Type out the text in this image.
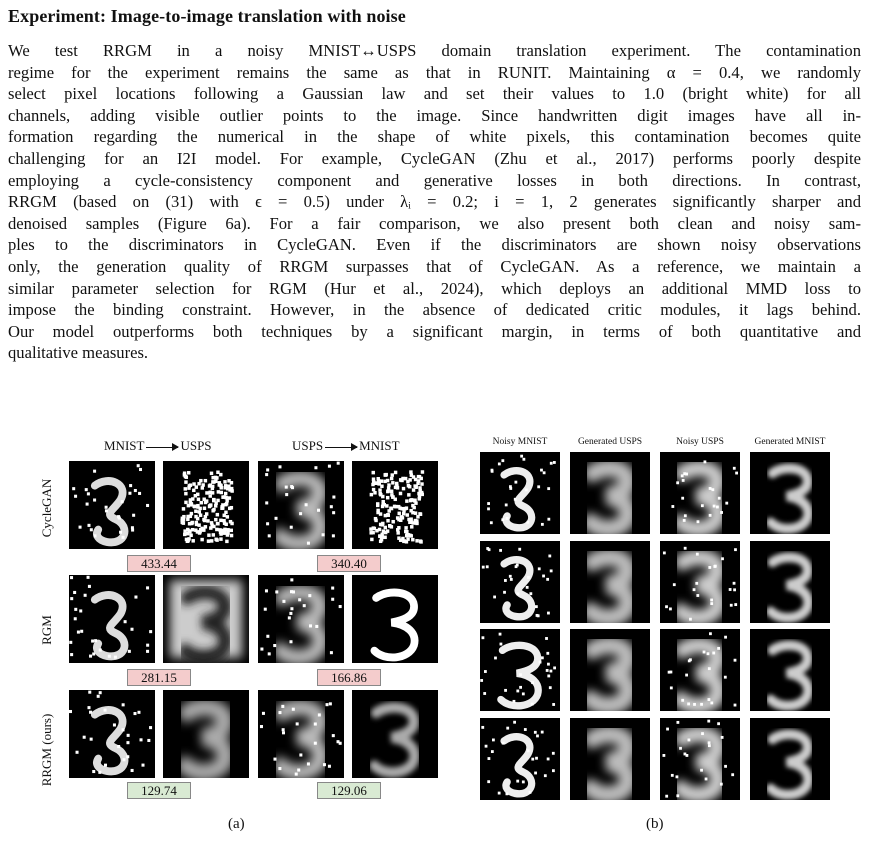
Experiment: Image-to-image translation with noise
We test RRGM in a noisy MNIST↔USPS domain translation experiment. The contamination
regime for the experiment remains the same as that in RUNIT. Maintaining α = 0.4, we randomly
select pixel locations following a Gaussian law and set their values to 1.0 (bright white) for all
channels, adding visible outlier points to the image. Since handwritten digit images have all in-
formation regarding the numerical in the shape of white pixels, this contamination becomes quite
challenging for an I2I model. For example, CycleGAN (Zhu et al., 2017) performs poorly despite
employing a cycle-consistency component and generative losses in both directions. In contrast,
RRGM (based on (31) with ϵ = 0.5) under λᵢ = 0.2; i = 1, 2 generates significantly sharper and
denoised samples (Figure 6a). For a fair comparison, we also present both clean and noisy sam-
ples to the discriminators in CycleGAN. Even if the discriminators are shown noisy observations
only, the generation quality of RRGM surpasses that of CycleGAN. As a reference, we maintain a
similar parameter selection for RGM (Hur et al., 2024), which deploys an additional MMD loss to
impose the binding constraint. However, in the absence of dedicated critic modules, it lags behind.
Our model outperforms both techniques by a significant margin, in terms of both quantitative and
qualitative measures.
MNIST	USPS	USPS	MNIST
CycleGAN
RGM
RRGM (ours)
433.44	340.40
281.15	166.86
129.74	129.06
(a)
Noisy MNIST	Generated USPS	Noisy USPS	Generated MNIST
(b)
